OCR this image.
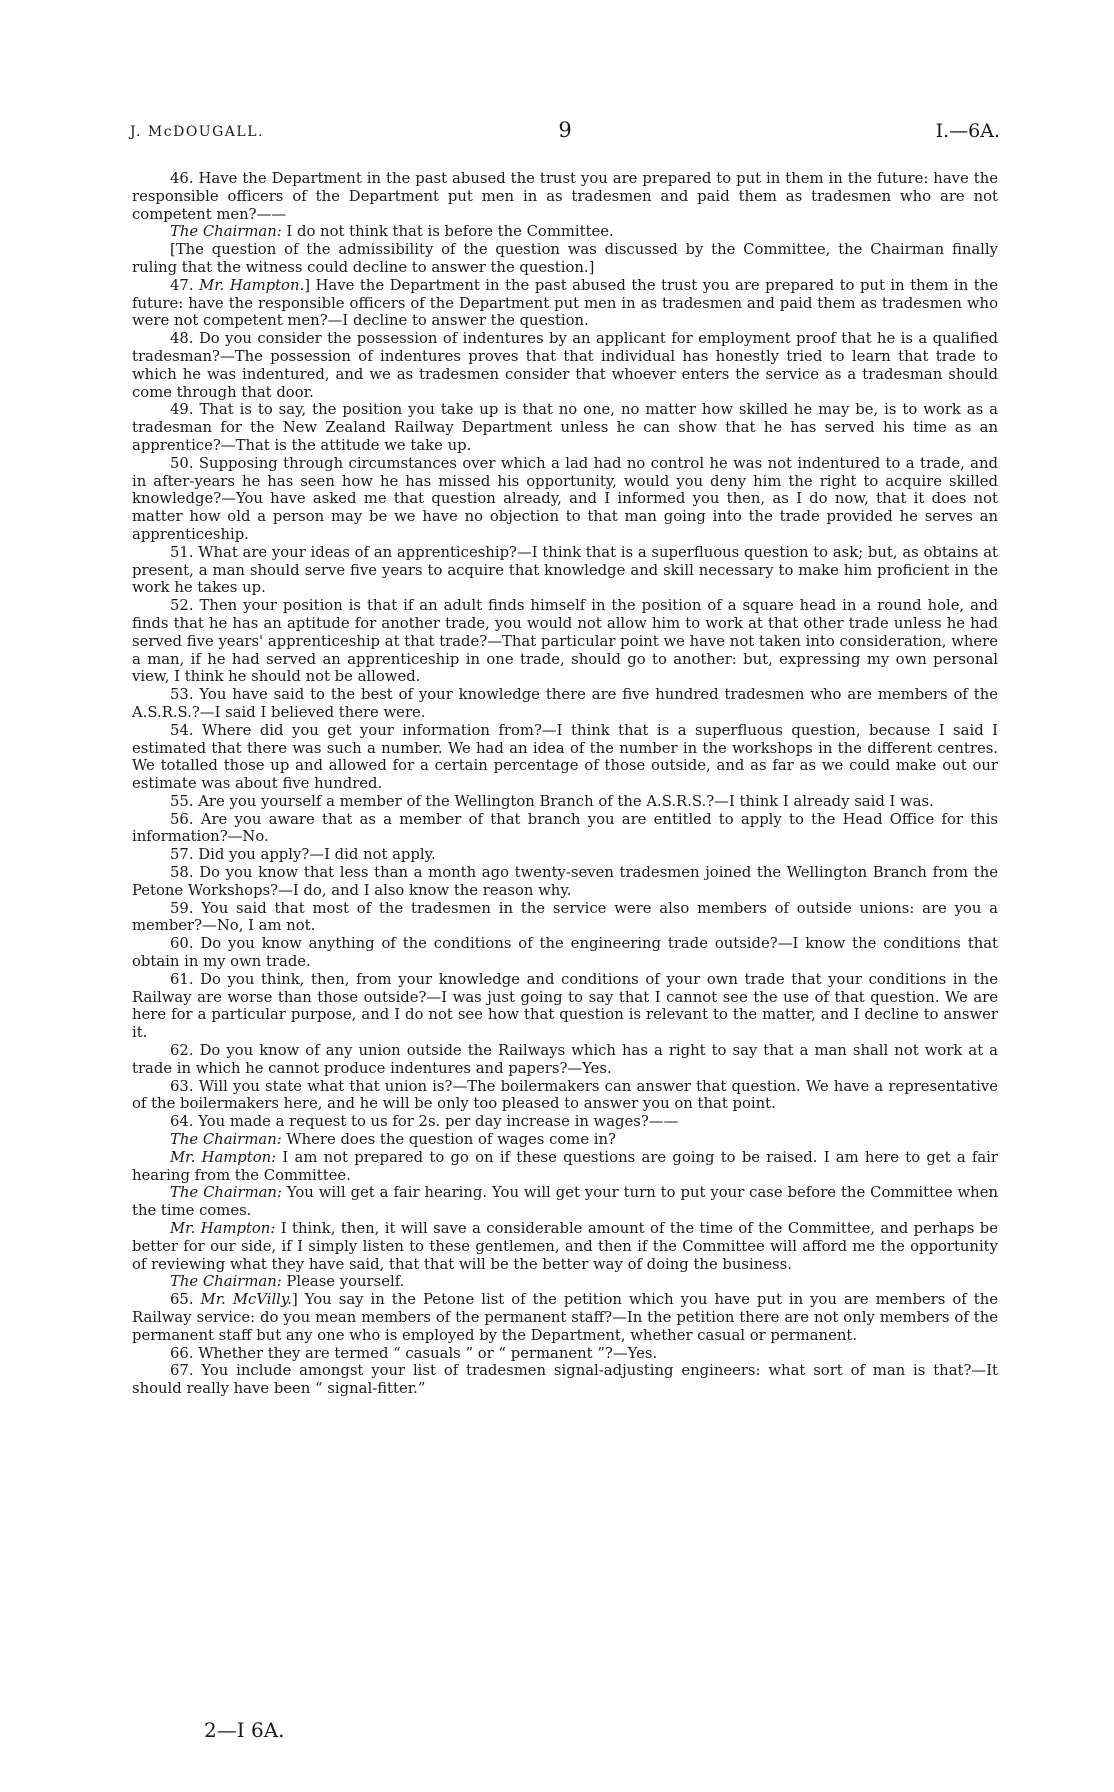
J. McDOUGALL.	9	I.—6A.

46. Have the Department in the past abused the trust you are prepared to put in them in the future: have the responsible officers of the Department put men in as tradesmen and paid them as tradesmen who are not competent men?——

The Chairman: I do not think that is before the Committee.

[The question of the admissibility of the question was discussed by the Committee, the Chairman finally ruling that the witness could decline to answer the question.]

47. Mr. Hampton.] Have the Department in the past abused the trust you are prepared to put in them in the future: have the responsible officers of the Department put men in as tradesmen and paid them as tradesmen who were not competent men?—I decline to answer the question.

48. Do you consider the possession of indentures by an applicant for employment proof that he is a qualified tradesman?—The possession of indentures proves that that individual has honestly tried to learn that trade to which he was indentured, and we as tradesmen consider that whoever enters the service as a tradesman should come through that door.

49. That is to say, the position you take up is that no one, no matter how skilled he may be, is to work as a tradesman for the New Zealand Railway Department unless he can show that he has served his time as an apprentice?—That is the attitude we take up.

50. Supposing through circumstances over which a lad had no control he was not indentured to a trade, and in after-years he has seen how he has missed his opportunity, would you deny him the right to acquire skilled knowledge?—You have asked me that question already, and I informed you then, as I do now, that it does not matter how old a person may be we have no objection to that man going into the trade provided he serves an apprenticeship.

51. What are your ideas of an apprenticeship?—I think that is a superfluous question to ask; but, as obtains at present, a man should serve five years to acquire that knowledge and skill necessary to make him proficient in the work he takes up.

52. Then your position is that if an adult finds himself in the position of a square head in a round hole, and finds that he has an aptitude for another trade, you would not allow him to work at that other trade unless he had served five years' apprenticeship at that trade?—That particular point we have not taken into consideration, where a man, if he had served an apprenticeship in one trade, should go to another: but, expressing my own personal view, I think he should not be allowed.

53. You have said to the best of your knowledge there are five hundred tradesmen who are members of the A.S.R.S.?—I said I believed there were.

54. Where did you get your information from?—I think that is a superfluous question, because I said I estimated that there was such a number. We had an idea of the number in the workshops in the different centres. We totalled those up and allowed for a certain percentage of those outside, and as far as we could make out our estimate was about five hundred.

55. Are you yourself a member of the Wellington Branch of the A.S.R.S.?—I think I already said I was.

56. Are you aware that as a member of that branch you are entitled to apply to the Head Office for this information?—No.

57. Did you apply?—I did not apply.

58. Do you know that less than a month ago twenty-seven tradesmen joined the Wellington Branch from the Petone Workshops?—I do, and I also know the reason why.

59. You said that most of the tradesmen in the service were also members of outside unions: are you a member?—No, I am not.

60. Do you know anything of the conditions of the engineering trade outside?—I know the conditions that obtain in my own trade.

61. Do you think, then, from your knowledge and conditions of your own trade that your conditions in the Railway are worse than those outside?—I was just going to say that I cannot see the use of that question. We are here for a particular purpose, and I do not see how that question is relevant to the matter, and I decline to answer it.

62. Do you know of any union outside the Railways which has a right to say that a man shall not work at a trade in which he cannot produce indentures and papers?—Yes.

63. Will you state what that union is?—The boilermakers can answer that question. We have a representative of the boilermakers here, and he will be only too pleased to answer you on that point.

64. You made a request to us for 2s. per day increase in wages?——

The Chairman: Where does the question of wages come in?

Mr. Hampton: I am not prepared to go on if these questions are going to be raised. I am here to get a fair hearing from the Committee.

The Chairman: You will get a fair hearing. You will get your turn to put your case before the Committee when the time comes.

Mr. Hampton: I think, then, it will save a considerable amount of the time of the Committee, and perhaps be better for our side, if I simply listen to these gentlemen, and then if the Committee will afford me the opportunity of reviewing what they have said, that that will be the better way of doing the business.

The Chairman: Please yourself.

65. Mr. McVilly.] You say in the Petone list of the petition which you have put in you are members of the Railway service: do you mean members of the permanent staff?—In the petition there are not only members of the permanent staff but any one who is employed by the Department, whether casual or permanent.

66. Whether they are termed “ casuals ” or “ permanent ”?—Yes.

67. You include amongst your list of tradesmen signal-adjusting engineers: what sort of man is that?—It should really have been “ signal-fitter.”

2—I 6A.
